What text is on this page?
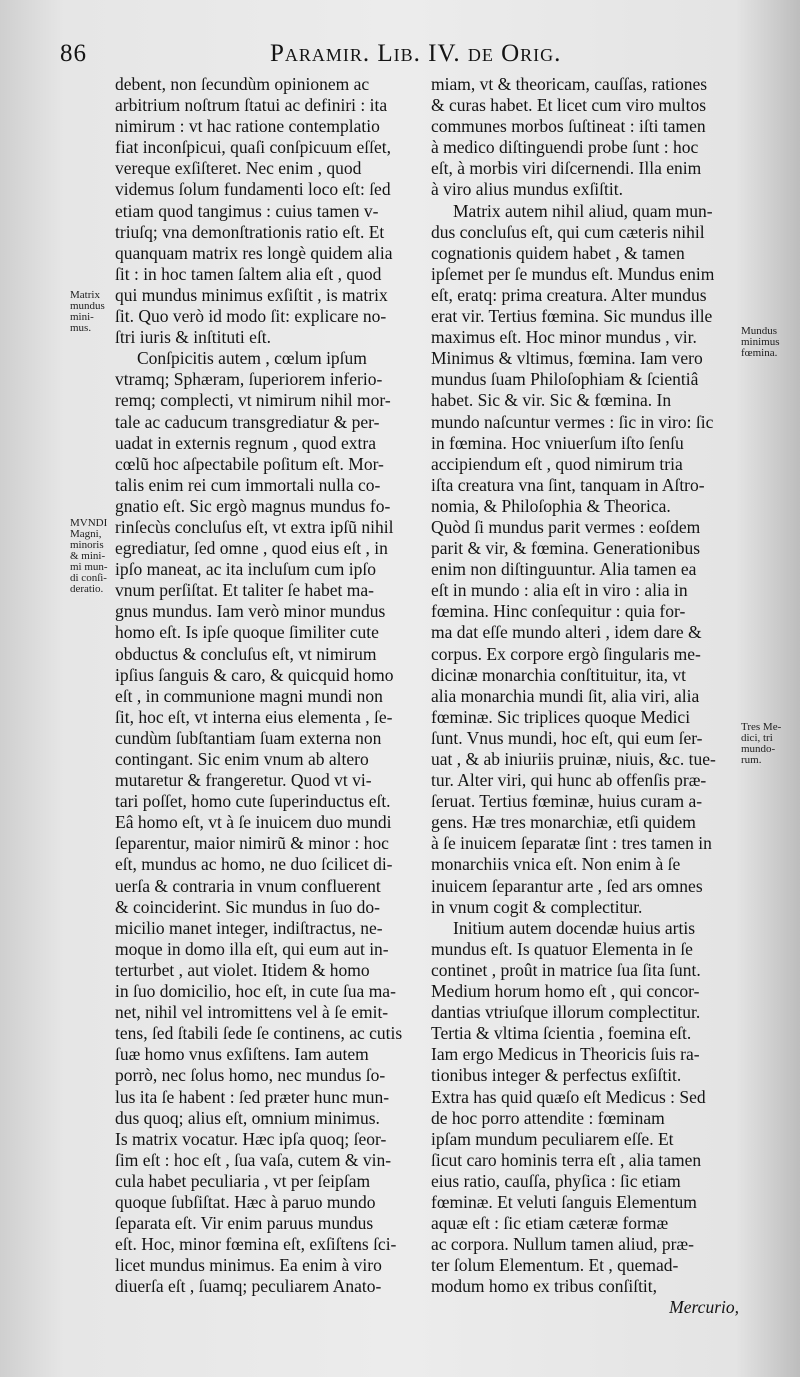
86	Paramir. Lib. IV. de Orig.
debent, non ſecundùm opinionem ac
arbitrium noſtrum ſtatui ac definiri : ita
nimirum : vt hac ratione contemplatio
fiat inconſpicui, quaſi conſpicuum eſſet,
vereque exſiſteret. Nec enim , quod
videmus ſolum fundamenti loco eſt: ſed
etiam quod tangimus : cuius tamen v-
triuſq; vna demonſtrationis ratio eſt. Et
quanquam matrix res longè quidem alia
ſit : in hoc tamen ſaltem alia eſt , quod
qui mundus minimus exſiſtit , is matrix
ſit. Quo verò id modo ſit: explicare no-
ſtri iuris & inſtituti eſt.
Conſpicitis autem , cœlum ipſum
vtramq; Sphæram, ſuperiorem inferio-
remq; complecti, vt nimirum nihil mor-
tale ac caducum transgrediatur & per-
uadat in externis regnum , quod extra
cœlũ hoc aſpectabile poſitum eſt. Mor-
talis enim rei cum immortali nulla co-
gnatio eſt. Sic ergò magnus mundus fo-
rinſecùs concluſus eſt, vt extra ipſũ nihil
egrediatur, ſed omne , quod eius eſt , in
ipſo maneat, ac ita incluſum cum ipſo
vnum perſiſtat. Et taliter ſe habet ma-
gnus mundus. Iam verò minor mundus
homo eſt. Is ipſe quoque ſimiliter cute
obductus & concluſus eſt, vt nimirum
ipſius ſanguis & caro, & quicquid homo
eſt , in communione magni mundi non
ſit, hoc eſt, vt interna eius elementa , ſe-
cundùm ſubſtantiam ſuam externa non
contingant. Sic enim vnum ab altero
mutaretur & frangeretur. Quod vt vi-
tari poſſet, homo cute ſuperinductus eſt.
Eâ homo eſt, vt à ſe inuicem duo mundi
ſeparentur, maior nimirũ & minor : hoc
eſt, mundus ac homo, ne duo ſcilicet di-
uerſa & contraria in vnum confluerent
& coinciderint. Sic mundus in ſuo do-
micilio manet integer, indiſtractus, ne-
moque in domo illa eſt, qui eum aut in-
terturbet , aut violet. Itidem & homo
in ſuo domicilio, hoc eſt, in cute ſua ma-
net, nihil vel intromittens vel à ſe emit-
tens, ſed ſtabili ſede ſe continens, ac cutis
ſuæ homo vnus exſiſtens. Iam autem
porrò, nec ſolus homo, nec mundus ſo-
lus ita ſe habent : ſed præter hunc mun-
dus quoq; alius eſt, omnium minimus.
Is matrix vocatur. Hæc ipſa quoq; ſeor-
ſim eſt : hoc eſt , ſua vaſa, cutem & vin-
cula habet peculiaria , vt per ſeipſam
quoque ſubſiſtat. Hæc à paruo mundo
ſeparata eſt. Vir enim paruus mundus
eſt. Hoc, minor fœmina eſt, exſiſtens ſci-
licet mundus minimus. Ea enim à viro
diuerſa eſt , ſuamq; peculiarem Anato-
miam, vt & theoricam, cauſſas, rationes
& curas habet. Et licet cum viro multos
communes morbos ſuſtineat : iſti tamen
à medico diſtinguendi probe ſunt : hoc
eſt, à morbis viri diſcernendi. Illa enim
à viro alius mundus exſiſtit.
Matrix autem nihil aliud, quam mun-
dus concluſus eſt, qui cum cæteris nihil
cognationis quidem habet , & tamen
ipſemet per ſe mundus eſt. Mundus enim
eſt, eratq: prima creatura. Alter mundus
erat vir. Tertius fœmina. Sic mundus ille
maximus eſt. Hoc minor mundus , vir.
Minimus & vltimus, fœmina. Iam vero
mundus ſuam Philoſophiam & ſcientiâ
habet. Sic & vir. Sic & fœmina. In
mundo naſcuntur vermes : ſic in viro: ſic
in fœmina. Hoc vniuerſum iſto ſenſu
accipiendum eſt , quod nimirum tria
iſta creatura vna ſint, tanquam in Aſtro-
nomia, & Philoſophia & Theorica.
Quòd ſi mundus parit vermes : eoſdem
parit & vir, & fœmina. Generationibus
enim non diſtinguuntur. Alia tamen ea
eſt in mundo : alia eſt in viro : alia in
fœmina. Hinc conſequitur : quia for-
ma dat eſſe mundo alteri , idem dare &
corpus. Ex corpore ergò ſingularis me-
dicinæ monarchia conſtituitur, ita, vt
alia monarchia mundi ſit, alia viri, alia
fœminæ. Sic triplices quoque Medici
ſunt. Vnus mundi, hoc eſt, qui eum ſer-
uat , & ab iniuriis pruinæ, niuis, &c. tue-
tur. Alter viri, qui hunc ab offenſis præ-
ſeruat. Tertius fœminæ, huius curam a-
gens. Hæ tres monarchiæ, etſi quidem
à ſe inuicem ſeparatæ ſint : tres tamen in
monarchiis vnica eſt. Non enim à ſe
inuicem ſeparantur arte , ſed ars omnes
in vnum cogit & complectitur.
Initium autem docendæ huius artis
mundus eſt. Is quatuor Elementa in ſe
continet , proût in matrice ſua ſita ſunt.
Medium horum homo eſt , qui concor-
dantias vtriuſque illorum complectitur.
Tertia & vltima ſcientia , foemina eſt.
Iam ergo Medicus in Theoricis ſuis ra-
tionibus integer & perfectus exſiſtit.
Extra has quid quæſo eſt Medicus : Sed
de hoc porro attendite : fœminam
ipſam mundum peculiarem eſſe. Et
ſicut caro hominis terra eſt , alia tamen
eius ratio, cauſſa, phyſica : ſic etiam
fœminæ. Et veluti ſanguis Elementum
aquæ eſt : ſic etiam cæteræ formæ
ac corpora. Nullum tamen aliud, præ-
ter ſolum Elementum. Et , quemad-
modum homo ex tribus conſiſtit,
Mercurio,
Matrix
mundus
mini-
mus.
MVNDI
Magni,
minoris
& mini-
mi mun-
di conſi-
deratio.
Mundus
minimus
fœmina.
Tres Me-
dici, tri
mundo-
rum.
